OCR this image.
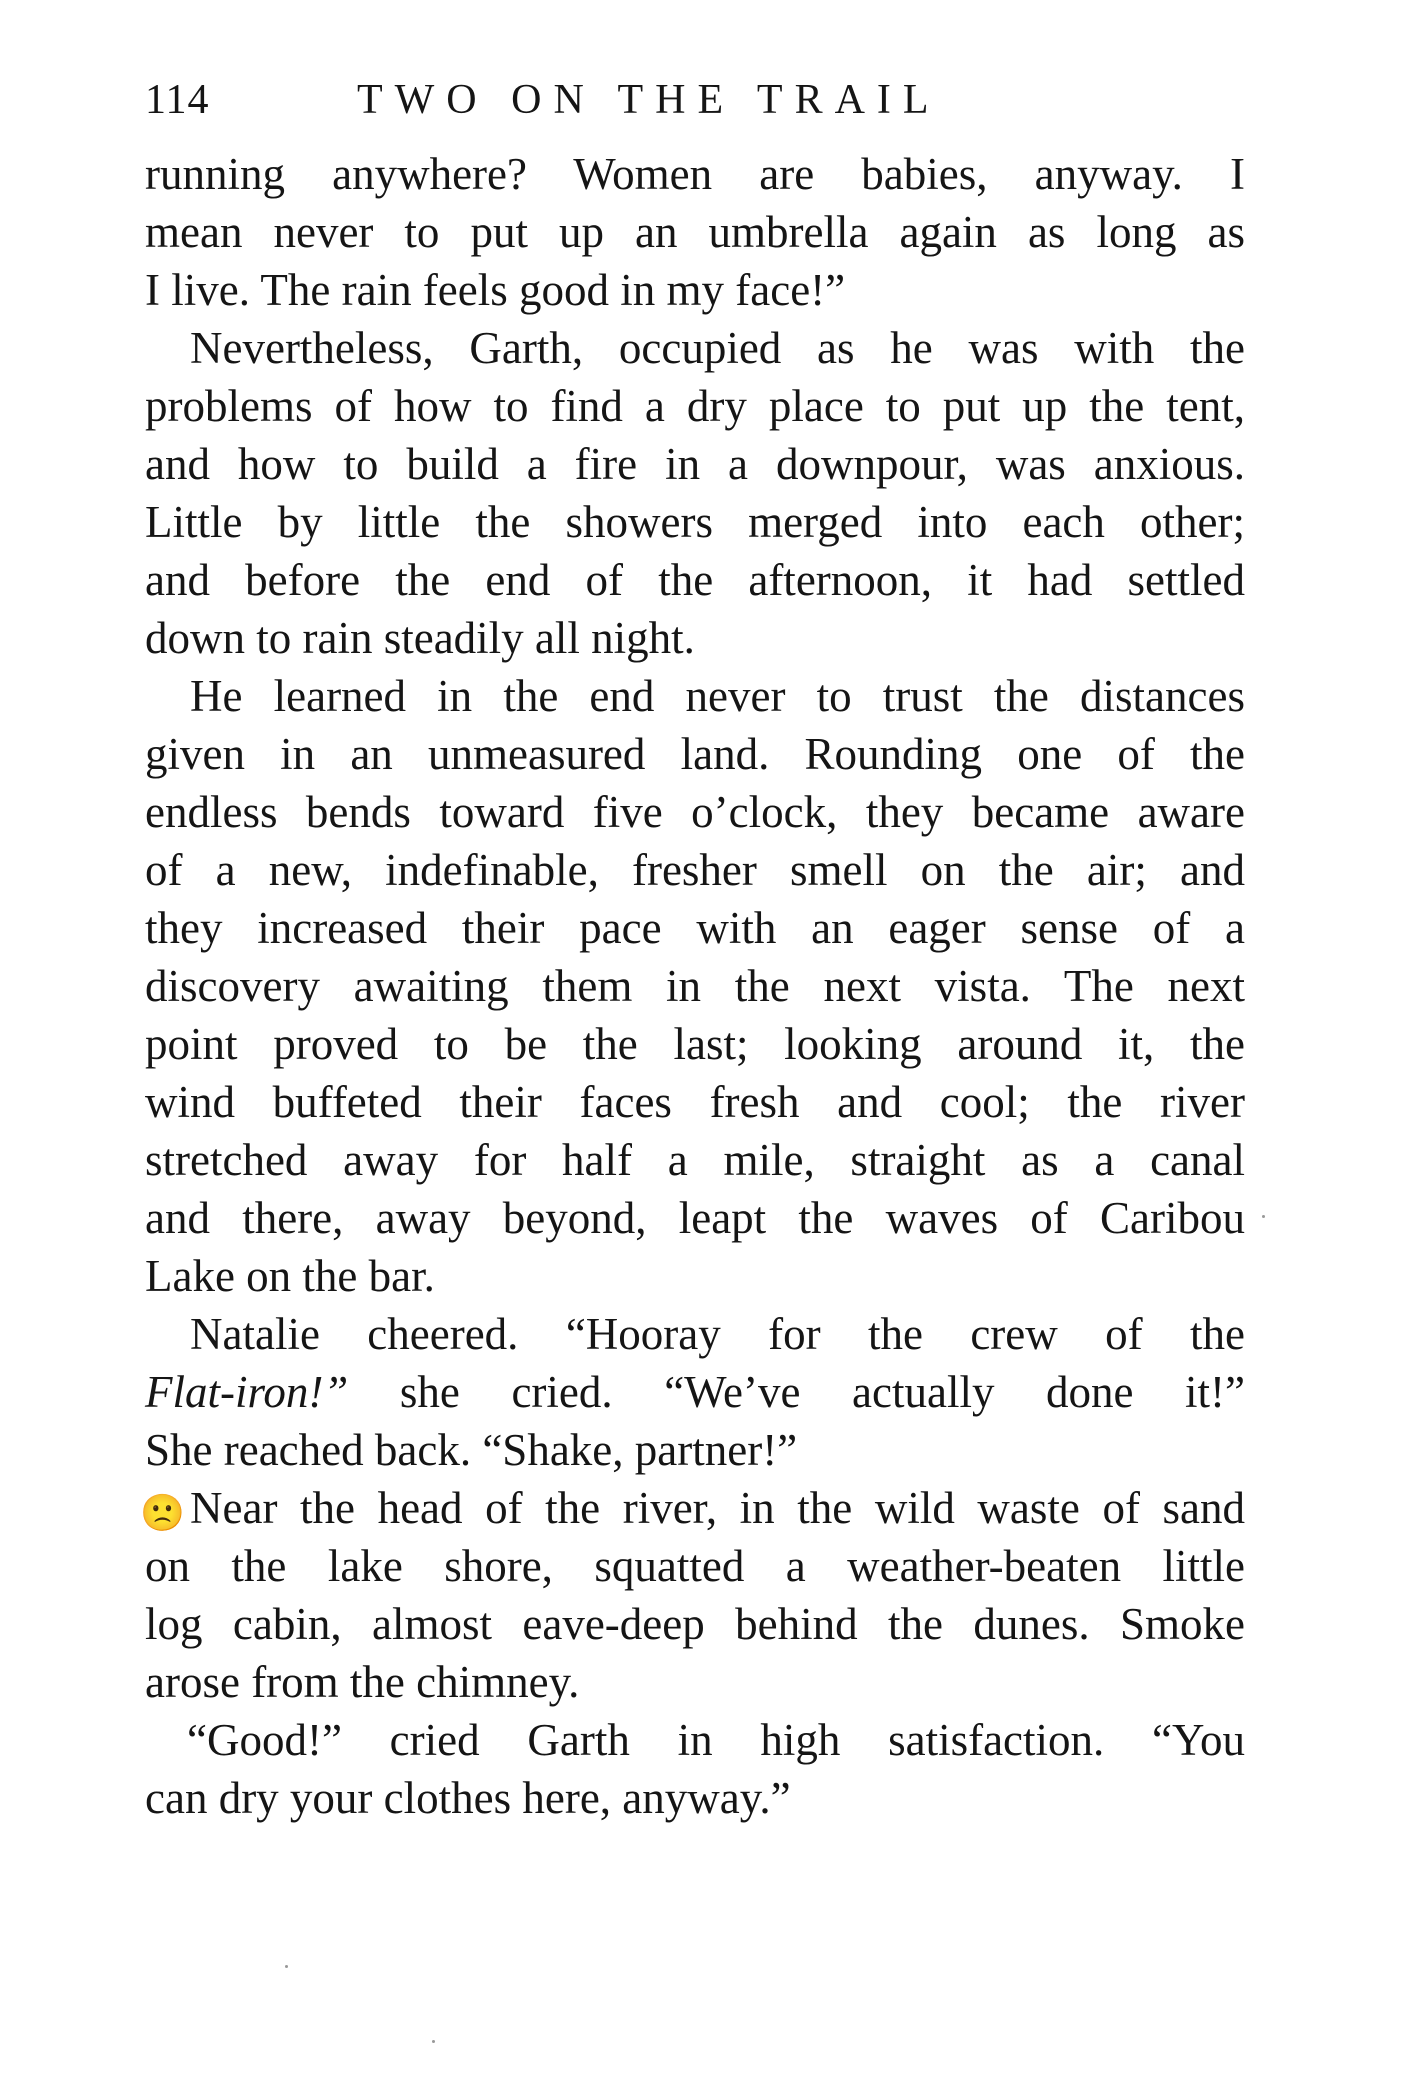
114	TWO ON THE TRAIL
running anywhere? Women are babies, anyway. I
mean never to put up an umbrella again as long as
I live. The rain feels good in my face!”
Nevertheless, Garth, occupied as he was with the
problems of how to find a dry place to put up the tent,
and how to build a fire in a downpour, was anxious.
Little by little the showers merged into each other;
and before the end of the afternoon, it had settled
down to rain steadily all night.
He learned in the end never to trust the distances
given in an unmeasured land. Rounding one of the
endless bends toward five o’clock, they became aware
of a new, indefinable, fresher smell on the air; and
they increased their pace with an eager sense of a
discovery awaiting them in the next vista. The next
point proved to be the last; looking around it, the
wind buffeted their faces fresh and cool; the river
stretched away for half a mile, straight as a canal
and there, away beyond, leapt the waves of Caribou
Lake on the bar.
Natalie cheered. “Hooray for the crew of the
Flat-iron!” she cried. “We’ve actually done it!”
She reached back. “Shake, partner!”
Near the head of the river, in the wild waste of sand
on the lake shore, squatted a weather-beaten little
log cabin, almost eave-deep behind the dunes. Smoke
arose from the chimney.
“Good!” cried Garth in high satisfaction. “You
can dry your clothes here, anyway.”
🙁
